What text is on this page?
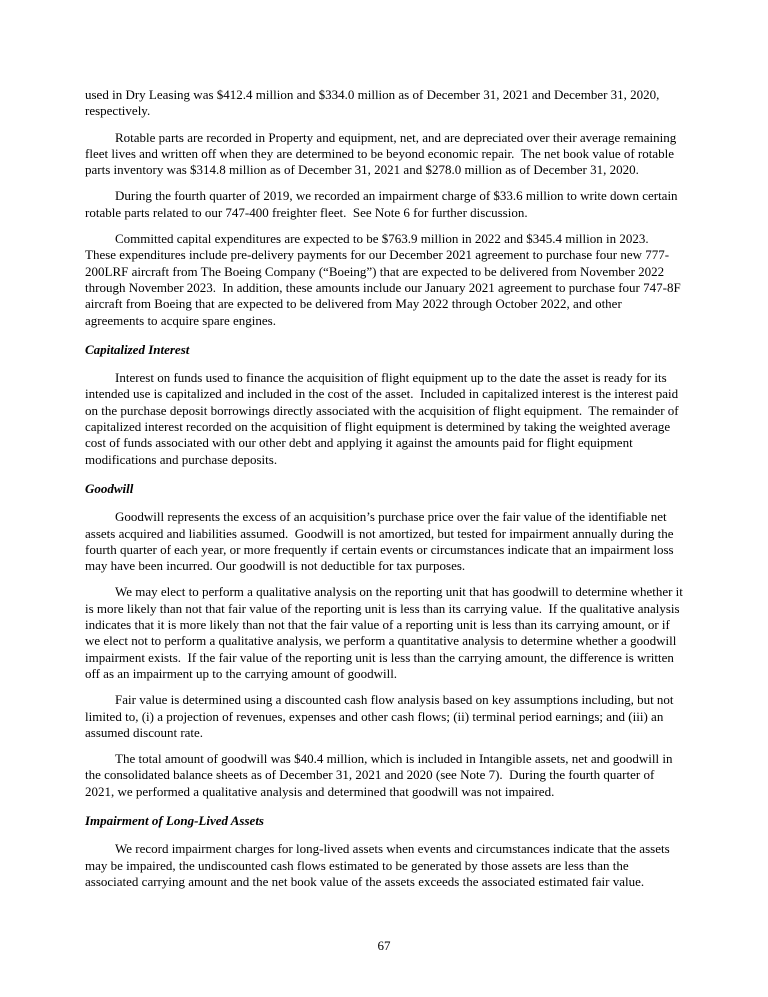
used in Dry Leasing was $412.4 million and $334.0 million as of December 31, 2021 and December 31, 2020, respectively.

Rotable parts are recorded in Property and equipment, net, and are depreciated over their average remaining fleet lives and written off when they are determined to be beyond economic repair.  The net book value of rotable parts inventory was $314.8 million as of December 31, 2021 and $278.0 million as of December 31, 2020.

During the fourth quarter of 2019, we recorded an impairment charge of $33.6 million to write down certain rotable parts related to our 747-400 freighter fleet.  See Note 6 for further discussion.

Committed capital expenditures are expected to be $763.9 million in 2022 and $345.4 million in 2023.  These expenditures include pre-delivery payments for our December 2021 agreement to purchase four new 777-200LRF aircraft from The Boeing Company (“Boeing”) that are expected to be delivered from November 2022 through November 2023.  In addition, these amounts include our January 2021 agreement to purchase four 747-8F aircraft from Boeing that are expected to be delivered from May 2022 through October 2022, and other agreements to acquire spare engines.

Capitalized Interest

Interest on funds used to finance the acquisition of flight equipment up to the date the asset is ready for its intended use is capitalized and included in the cost of the asset.  Included in capitalized interest is the interest paid on the purchase deposit borrowings directly associated with the acquisition of flight equipment.  The remainder of capitalized interest recorded on the acquisition of flight equipment is determined by taking the weighted average cost of funds associated with our other debt and applying it against the amounts paid for flight equipment modifications and purchase deposits.

Goodwill

Goodwill represents the excess of an acquisition’s purchase price over the fair value of the identifiable net assets acquired and liabilities assumed.  Goodwill is not amortized, but tested for impairment annually during the fourth quarter of each year, or more frequently if certain events or circumstances indicate that an impairment loss may have been incurred. Our goodwill is not deductible for tax purposes.

We may elect to perform a qualitative analysis on the reporting unit that has goodwill to determine whether it is more likely than not that fair value of the reporting unit is less than its carrying value.  If the qualitative analysis indicates that it is more likely than not that the fair value of a reporting unit is less than its carrying amount, or if we elect not to perform a qualitative analysis, we perform a quantitative analysis to determine whether a goodwill impairment exists.  If the fair value of the reporting unit is less than the carrying amount, the difference is written off as an impairment up to the carrying amount of goodwill.

Fair value is determined using a discounted cash flow analysis based on key assumptions including, but not limited to, (i) a projection of revenues, expenses and other cash flows; (ii) terminal period earnings; and (iii) an assumed discount rate.

The total amount of goodwill was $40.4 million, which is included in Intangible assets, net and goodwill in the consolidated balance sheets as of December 31, 2021 and 2020 (see Note 7).  During the fourth quarter of 2021, we performed a qualitative analysis and determined that goodwill was not impaired.

Impairment of Long-Lived Assets

We record impairment charges for long-lived assets when events and circumstances indicate that the assets may be impaired, the undiscounted cash flows estimated to be generated by those assets are less than the associated carrying amount and the net book value of the assets exceeds the associated estimated fair value.

67
